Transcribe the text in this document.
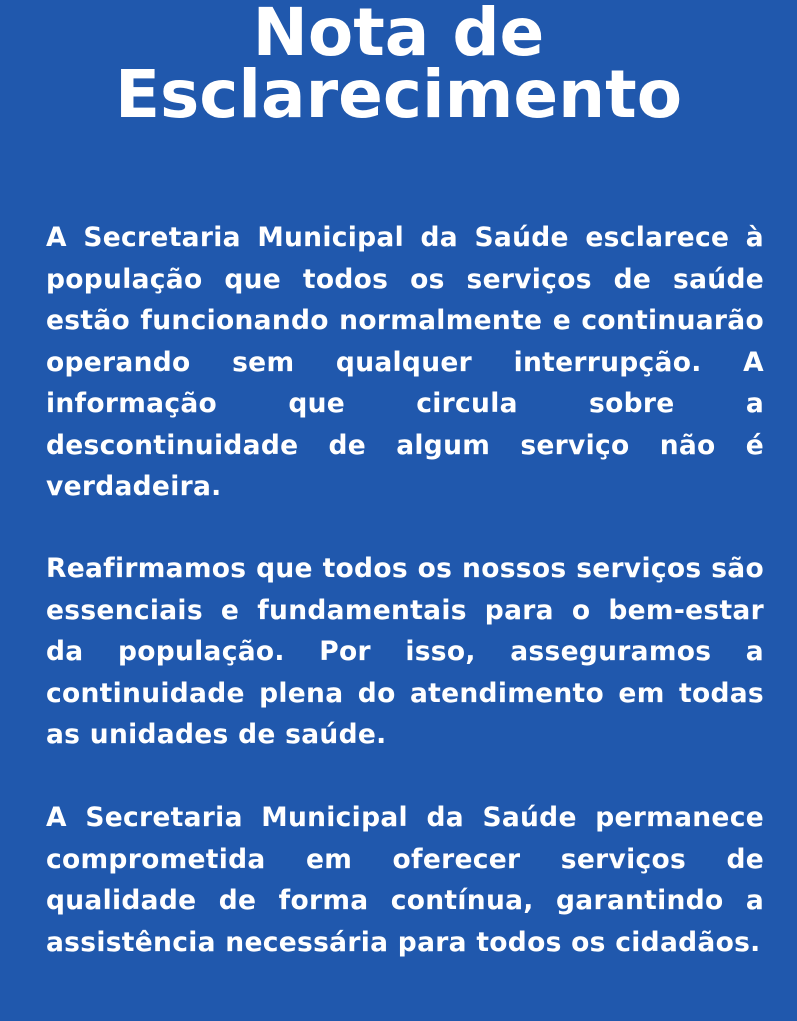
Nota de
Esclarecimento

A Secretaria Municipal da Saúde esclarece à população que todos os serviços de saúde estão funcionando normalmente e continuarão operando sem qualquer interrupção. A informação que circula sobre a descontinuidade de algum serviço não é verdadeira.

Reafirmamos que todos os nossos serviços são essenciais e fundamentais para o bem-estar da população. Por isso, asseguramos a continuidade plena do atendimento em todas as unidades de saúde.

A Secretaria Municipal da Saúde permanece comprometida em oferecer serviços de qualidade de forma contínua, garantindo a assistência necessária para todos os cidadãos.
